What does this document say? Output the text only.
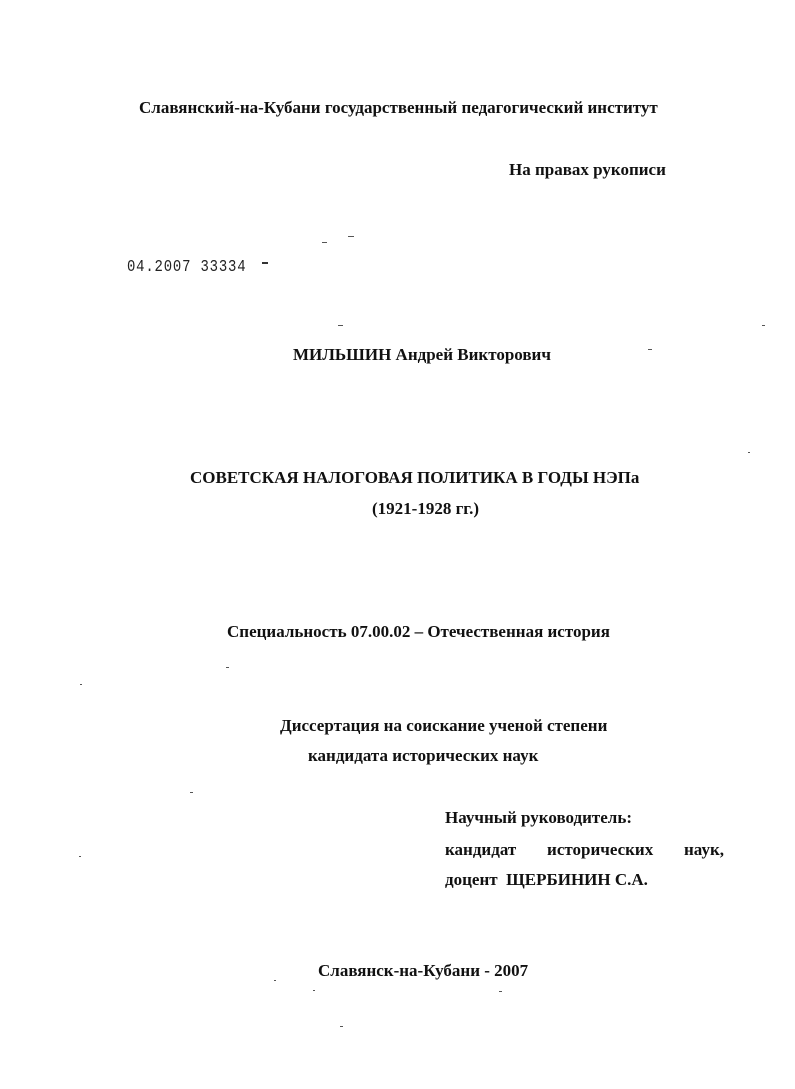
Славянский-на-Кубани государственный педагогический институт
На правах рукописи
04.2007 33334
МИЛЬШИН Андрей Викторович
СОВЕТСКАЯ НАЛОГОВАЯ ПОЛИТИКА В ГОДЫ НЭПа
(1921-1928 гг.)
Специальность 07.00.02 – Отечественная история
Диссертация на соискание ученой степени
кандидата исторических наук
Научный руководитель:
кандидат исторических наук,
доцент  ЩЕРБИНИН С.А.
Славянск-на-Кубани - 2007
